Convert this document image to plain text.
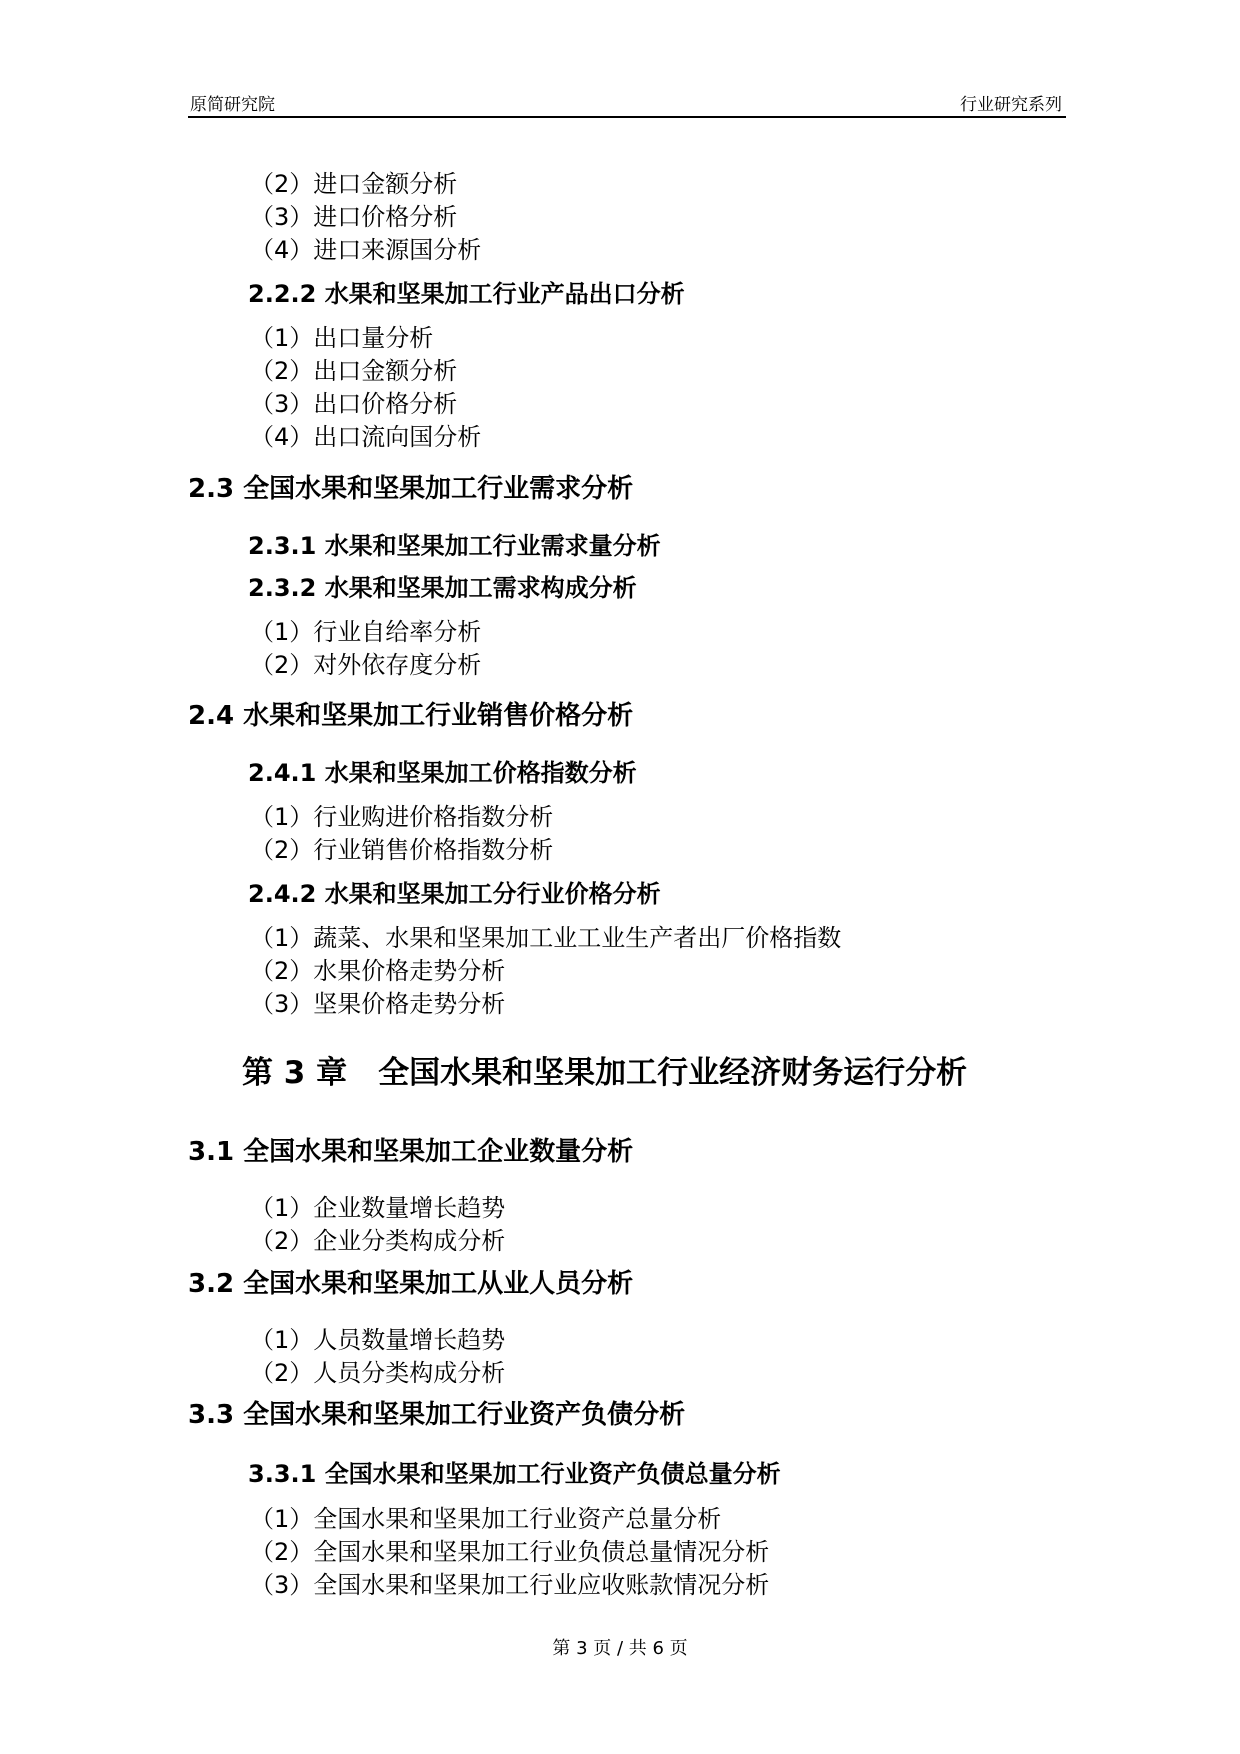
原简研究院	行业研究系列
（2）进口金额分析
（3）进口价格分析
（4）进口来源国分析
2.2.2 水果和坚果加工行业产品出口分析
（1）出口量分析
（2）出口金额分析
（3）出口价格分析
（4）出口流向国分析
2.3 全国水果和坚果加工行业需求分析
2.3.1 水果和坚果加工行业需求量分析
2.3.2 水果和坚果加工需求构成分析
（1）行业自给率分析
（2）对外依存度分析
2.4 水果和坚果加工行业销售价格分析
2.4.1 水果和坚果加工价格指数分析
（1）行业购进价格指数分析
（2）行业销售价格指数分析
2.4.2 水果和坚果加工分行业价格分析
（1）蔬菜、水果和坚果加工业工业生产者出厂价格指数
（2）水果价格走势分析
（3）坚果价格走势分析
第 3 章　全国水果和坚果加工行业经济财务运行分析
3.1 全国水果和坚果加工企业数量分析
（1）企业数量增长趋势
（2）企业分类构成分析
3.2 全国水果和坚果加工从业人员分析
（1）人员数量增长趋势
（2）人员分类构成分析
3.3 全国水果和坚果加工行业资产负债分析
3.3.1 全国水果和坚果加工行业资产负债总量分析
（1）全国水果和坚果加工行业资产总量分析
（2）全国水果和坚果加工行业负债总量情况分析
（3）全国水果和坚果加工行业应收账款情况分析
第 3 页 / 共 6 页
